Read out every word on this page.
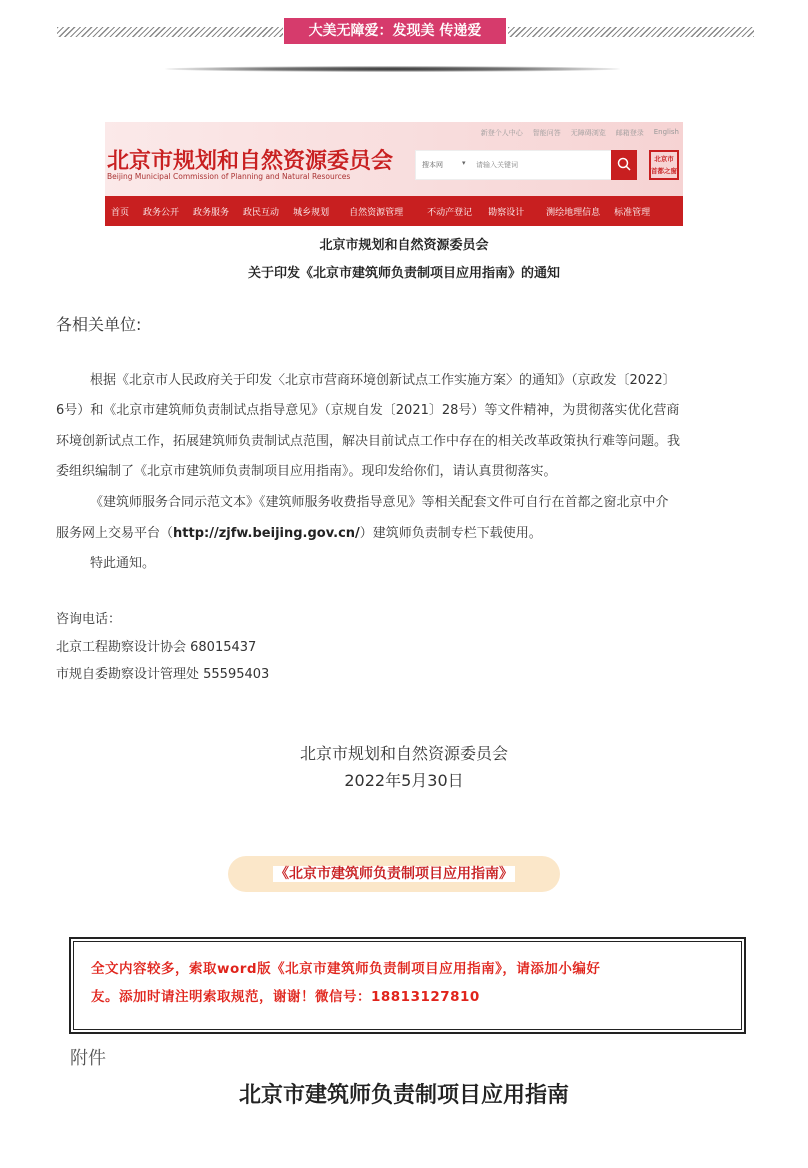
大美无障爱：发现美 传递爱
新登个人中心 智能问答 无障碍浏览 邮箱登录 English
北京市规划和自然资源委员会
Beijing Municipal Commission of Planning and Natural Resources
搜本网	▾ 请输入关键词
北京市 首都之窗
首页 政务公开 政务服务 政民互动 城乡规划 自然资源管理	不动产登记 勘察设计 测绘地理信息 标准管理
北京市规划和自然资源委员会
关于印发《北京市建筑师负责制项目应用指南》的通知
各相关单位:
根据《北京市人民政府关于印发〈北京市营商环境创新试点工作实施方案〉的通知》（京政发〔2022〕
6号）和《北京市建筑师负责制试点指导意见》（京规自发〔2021〕28号）等文件精神，为贯彻落实优化营商
环境创新试点工作，拓展建筑师负责制试点范围，解决目前试点工作中存在的相关改革政策执行难等问题。我
委组织编制了《北京市建筑师负责制项目应用指南》。现印发给你们，请认真贯彻落实。
《建筑师服务合同示范文本》《建筑师服务收费指导意见》等相关配套文件可自行在首都之窗北京中介
服务网上交易平台（http://zjfw.beijing.gov.cn/）建筑师负责制专栏下载使用。
特此通知。
咨询电话：
北京工程勘察设计协会 68015437
市规自委勘察设计管理处 55595403
北京市规划和自然资源委员会
2022年5月30日
《北京市建筑师负责制项目应用指南》

全文内容较多，索取word版《北京市建筑师负责制项目应用指南》，请添加小编好
友。添加时请注明索取规范，谢谢！微信号：18813127810

附件
北京市建筑师负责制项目应用指南
